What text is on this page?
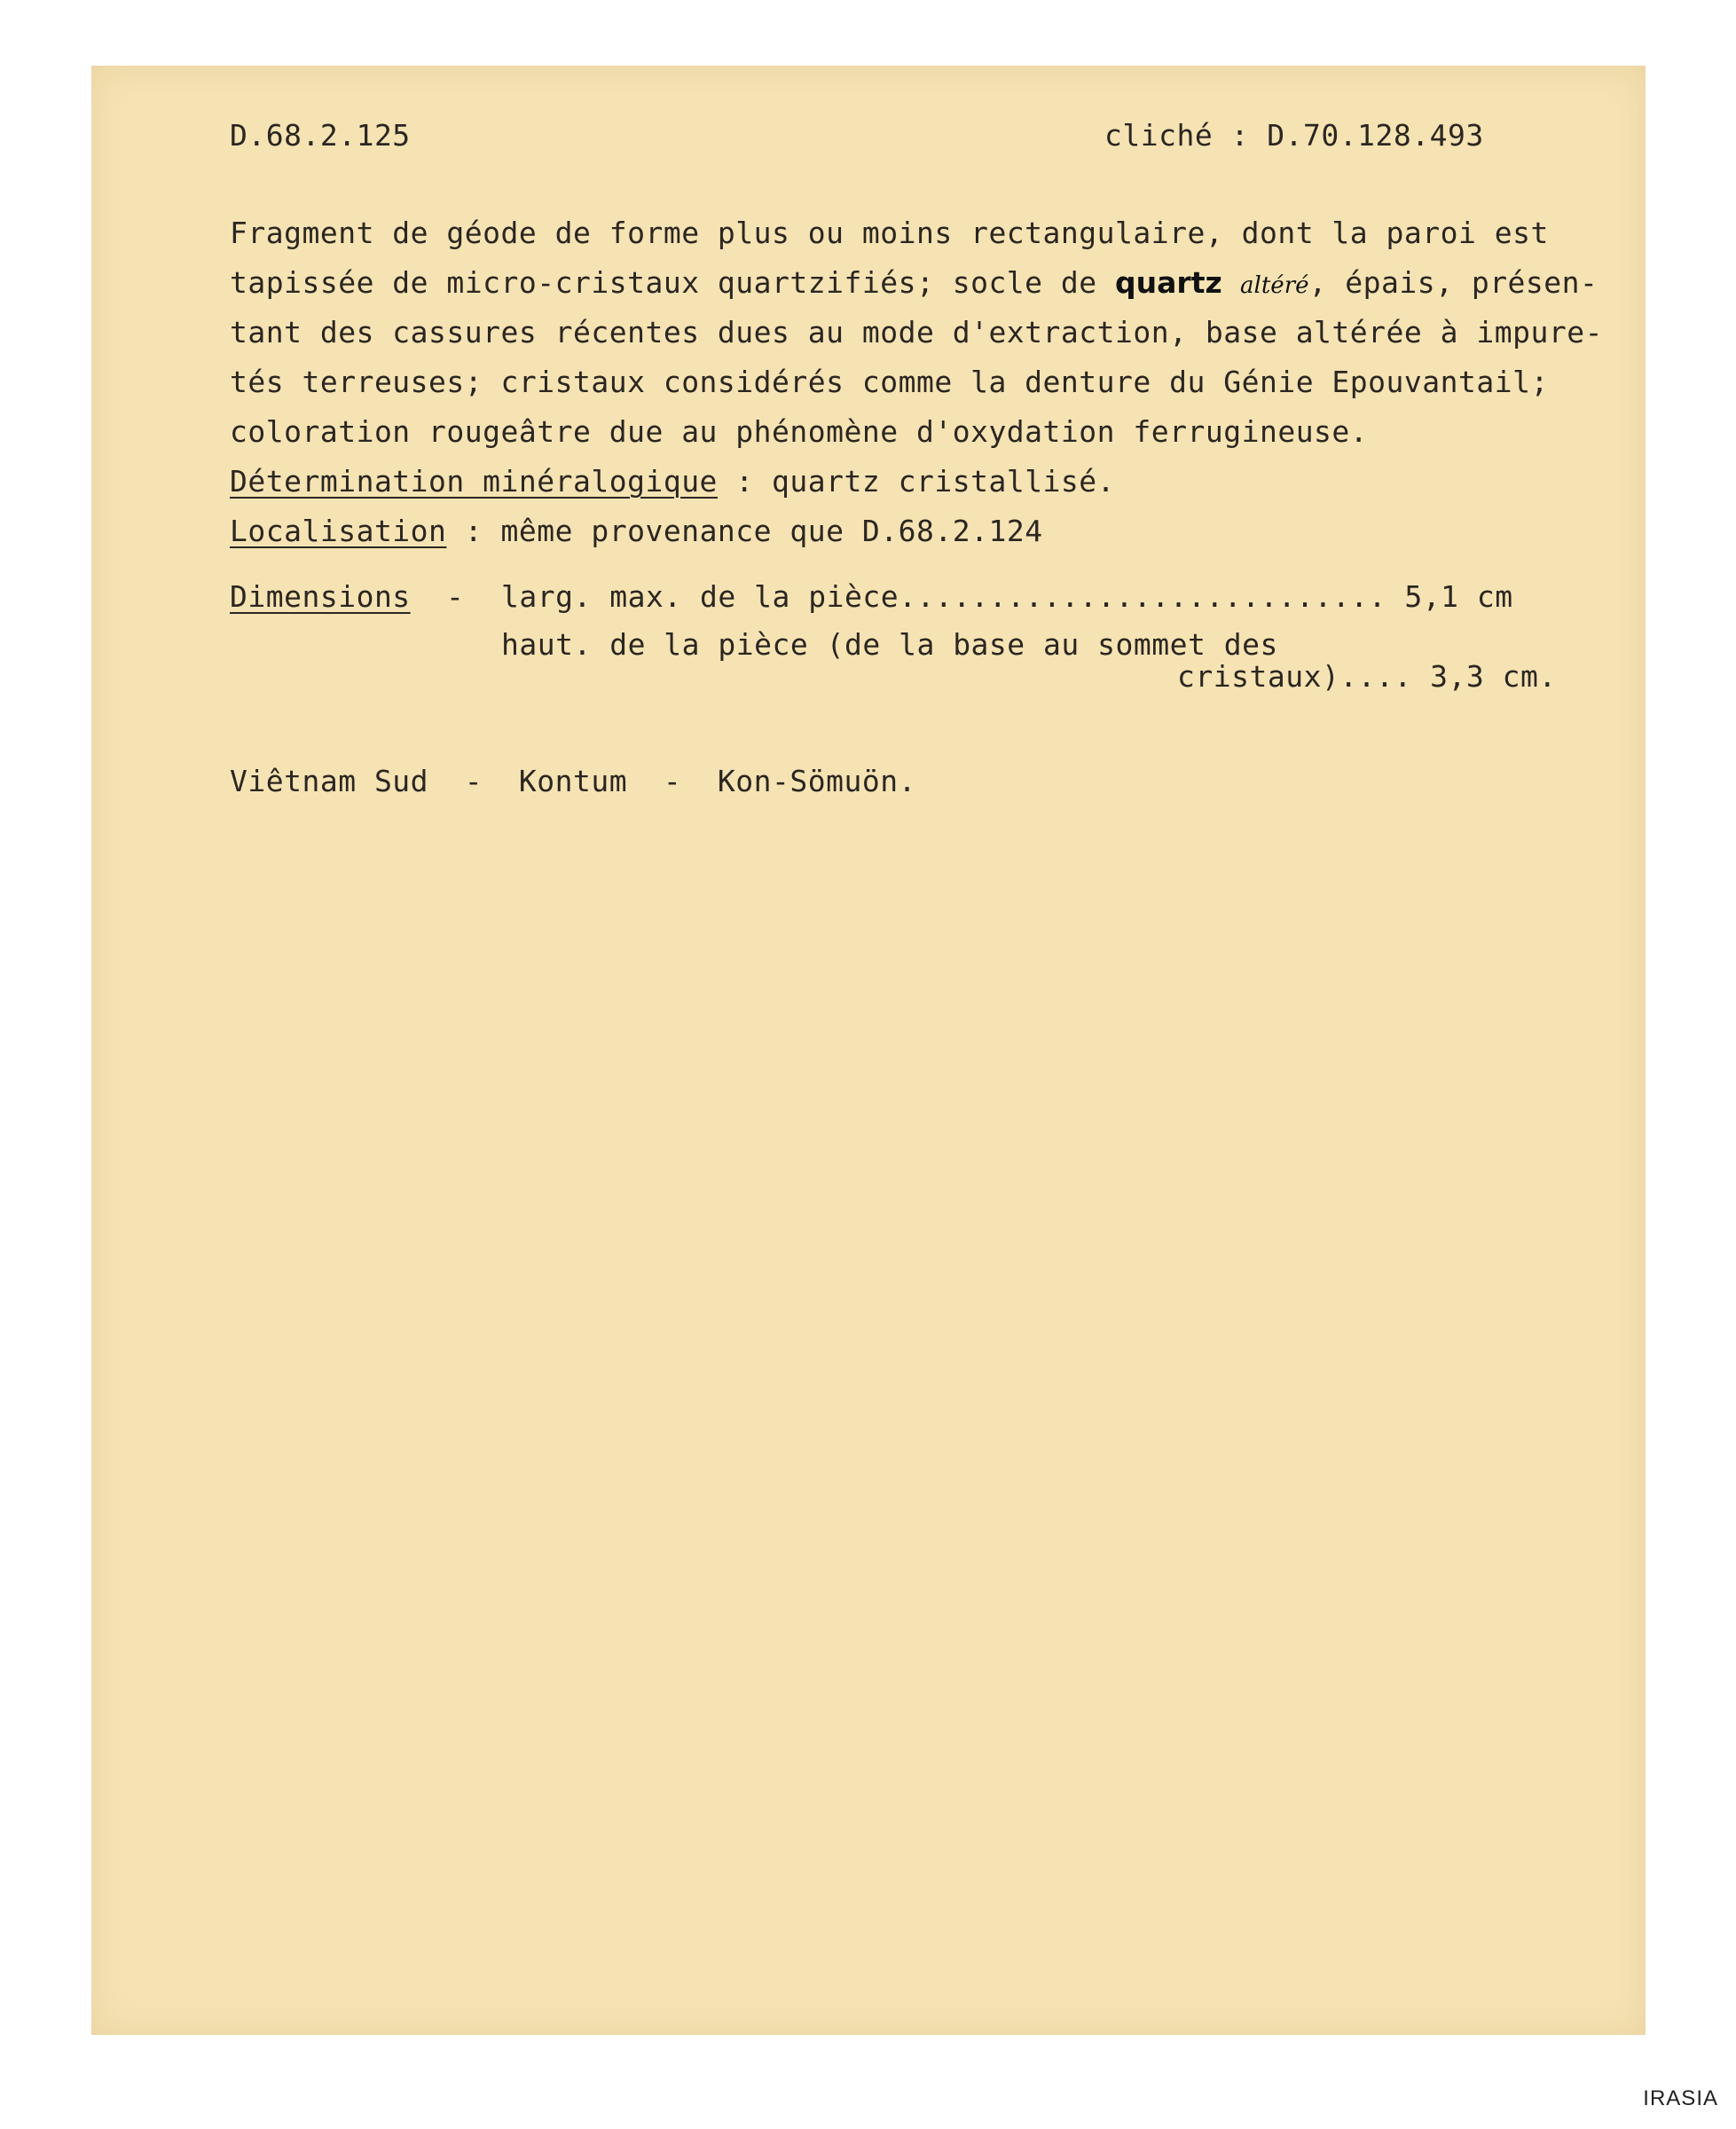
D.68.2.125	cliché : D.70.128.493
Fragment de géode de forme plus ou moins rectangulaire, dont la paroi est
tapissée de micro-cristaux quartzifiés; socle de quartz altéré, épais, présen-
tant des cassures récentes dues au mode d'extraction, base altérée à impure-
tés terreuses; cristaux considérés comme la denture du Génie Epouvantail;
coloration rougeâtre due au phénomène d'oxydation ferrugineuse.
Détermination minéralogique : quartz cristallisé.
Localisation : même provenance que D.68.2.124
Dimensions - larg. max. de la pièce........................... 5,1 cm
haut. de la pièce (de la base au sommet des
cristaux).... 3,3 cm.
Viêtnam Sud  -  Kontum  -  Kon-Sömuön.
IRASIA
